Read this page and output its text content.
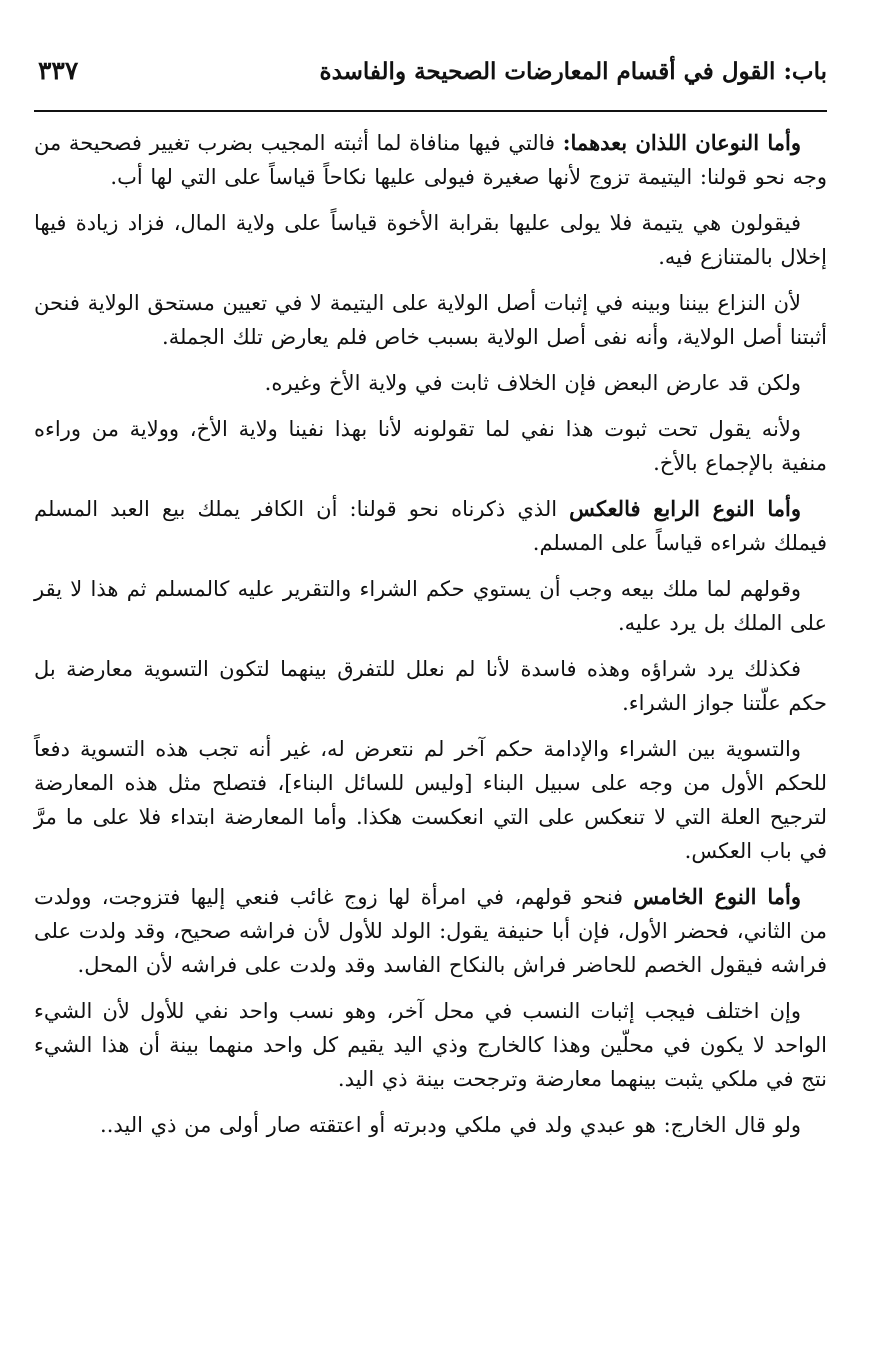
باب: القول في أقسام المعارضات الصحيحة والفاسدة
٣٣٧

وأما النوعان اللذان بعدهما: فالتي فيها منافاة لما أثبته المجيب بضرب تغيير فصحيحة من وجه نحو قولنا: اليتيمة تزوج لأنها صغيرة فيولى عليها نكاحاً قياساً على التي لها أب.

فيقولون هي يتيمة فلا يولى عليها بقرابة الأخوة قياساً على ولاية المال، فزاد زيادة فيها إخلال بالمتنازع فيه.

لأن النزاع بيننا وبينه في إثبات أصل الولاية على اليتيمة لا في تعيين مستحق الولاية فنحن أثبتنا أصل الولاية، وأنه نفى أصل الولاية بسبب خاص فلم يعارض تلك الجملة.

ولكن قد عارض البعض فإن الخلاف ثابت في ولاية الأخ وغيره.

ولأنه يقول تحت ثبوت هذا نفي لما تقولونه لأنا بهذا نفينا ولاية الأخ، وولاية من وراءه منفية بالإجماع بالأخ.

وأما النوع الرابع فالعكس الذي ذكرناه نحو قولنا: أن الكافر يملك بيع العبد المسلم فيملك شراءه قياساً على المسلم.

وقولهم لما ملك بيعه وجب أن يستوي حكم الشراء والتقرير عليه كالمسلم ثم هذا لا يقر على الملك بل يرد عليه.

فكذلك يرد شراؤه وهذه فاسدة لأنا لم نعلل للتفرق بينهما لتكون التسوية معارضة بل حكم علّتنا جواز الشراء.

والتسوية بين الشراء والإدامة حكم آخر لم نتعرض له، غير أنه تجب هذه التسوية دفعاً للحكم الأول من وجه على سبيل البناء [وليس للسائل البناء]، فتصلح مثل هذه المعارضة لترجيح العلة التي لا تنعكس على التي انعكست هكذا. وأما المعارضة ابتداء فلا على ما مرَّ في باب العكس.

وأما النوع الخامس فنحو قولهم، في امرأة لها زوج غائب فنعي إليها فتزوجت، وولدت من الثاني، فحضر الأول، فإن أبا حنيفة يقول: الولد للأول لأن فراشه صحيح، وقد ولدت على فراشه فيقول الخصم للحاضر فراش بالنكاح الفاسد وقد ولدت على فراشه لأن المحل.

وإن اختلف فيجب إثبات النسب في محل آخر، وهو نسب واحد نفي للأول لأن الشيء الواحد لا يكون في محلّين وهذا كالخارج وذي اليد يقيم كل واحد منهما بينة أن هذا الشيء نتج في ملكي يثبت بينهما معارضة وترجحت بينة ذي اليد.

ولو قال الخارج: هو عبدي ولد في ملكي ودبرته أو اعتقته صار أولى من ذي اليد..
